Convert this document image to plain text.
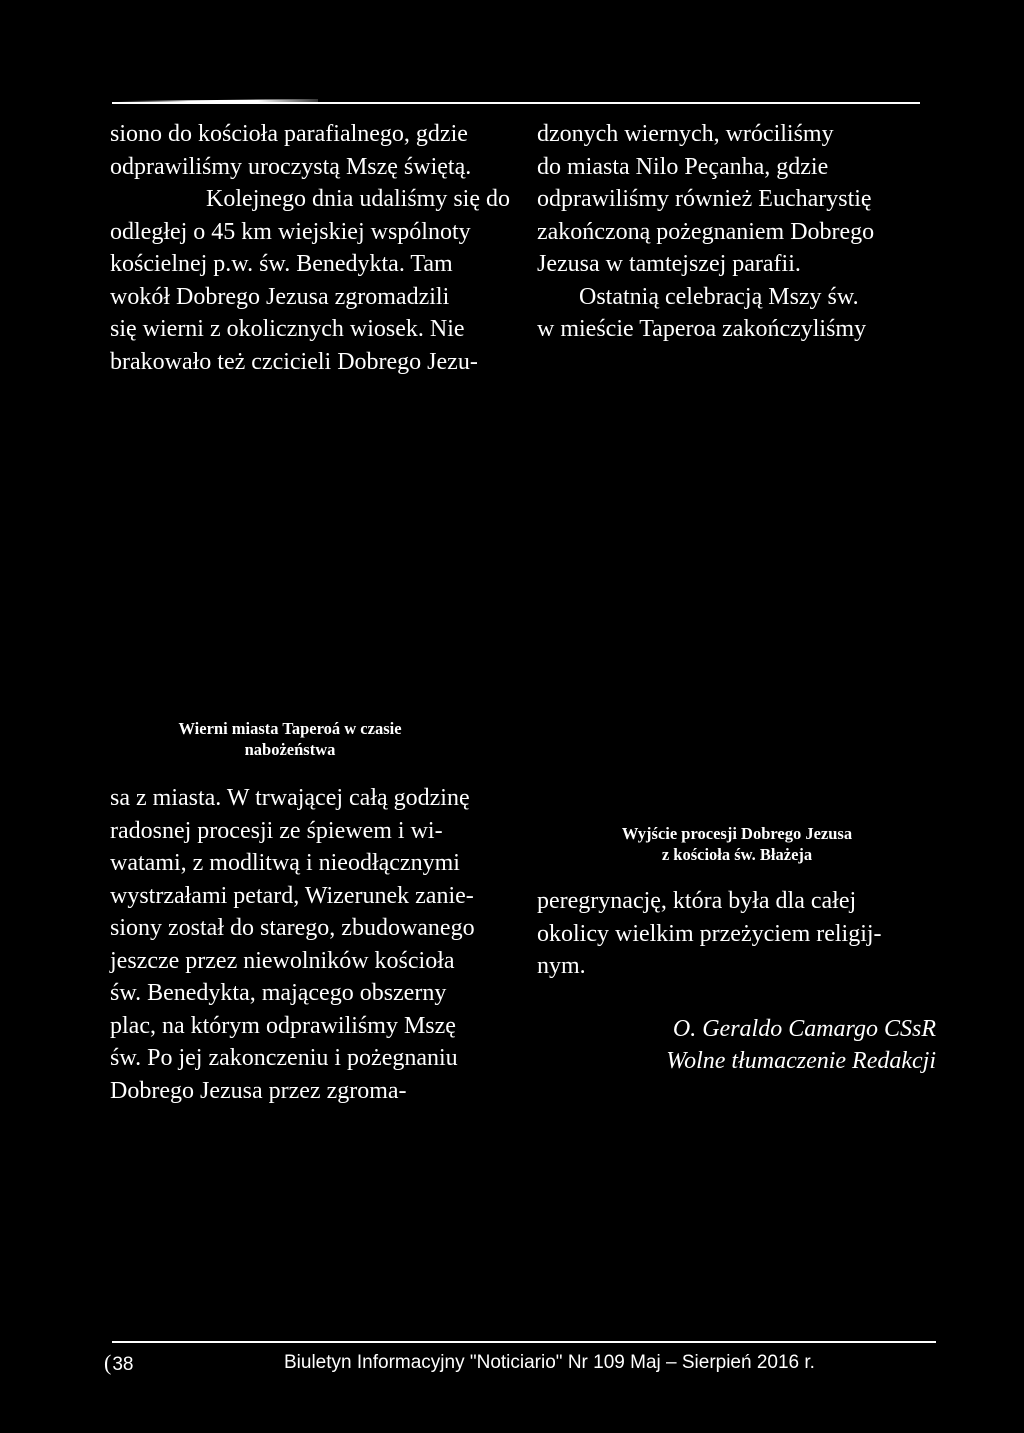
siono do kościoła parafialnego, gdzie
odprawiliśmy uroczystą Mszę świętą.
Kolejnego dnia udaliśmy się do
odległej o 45 km wiejskiej wspólnoty
kościelnej p.w. św. Benedykta. Tam
wokół Dobrego Jezusa zgromadzili
się wierni z okolicznych wiosek. Nie
brakowało też czcicieli Dobrego Jezu-
dzonych wiernych, wróciliśmy
do miasta Nilo Peçanha, gdzie
odprawiliśmy również Eucharystię
zakończoną pożegnaniem Dobrego
Jezusa w tamtejszej parafii.
Ostatnią celebracją Mszy św.
w mieście Taperoa zakończyliśmy
Wierni miasta Taperoá w czasie
nabożeństwa
sa z miasta. W trwającej całą godzinę
radosnej procesji ze śpiewem i wi-
watami, z modlitwą i nieodłącznymi
wystrzałami petard, Wizerunek zanie-
siony został do starego, zbudowanego
jeszcze przez niewolników kościoła
św. Benedykta, mającego obszerny
plac, na którym odprawiliśmy Mszę
św. Po jej zakonczeniu i pożegnaniu
Dobrego Jezusa przez zgroma-
Wyjście procesji Dobrego Jezusa
z kościoła św. Błażeja
peregrynację, która była dla całej
okolicy wielkim przeżyciem religij-
nym.
O. Geraldo Camargo CSsR
Wolne tłumaczenie Redakcji
(38	Biuletyn Informacyjny "Noticiario" Nr 109 Maj – Sierpień 2016 r.
